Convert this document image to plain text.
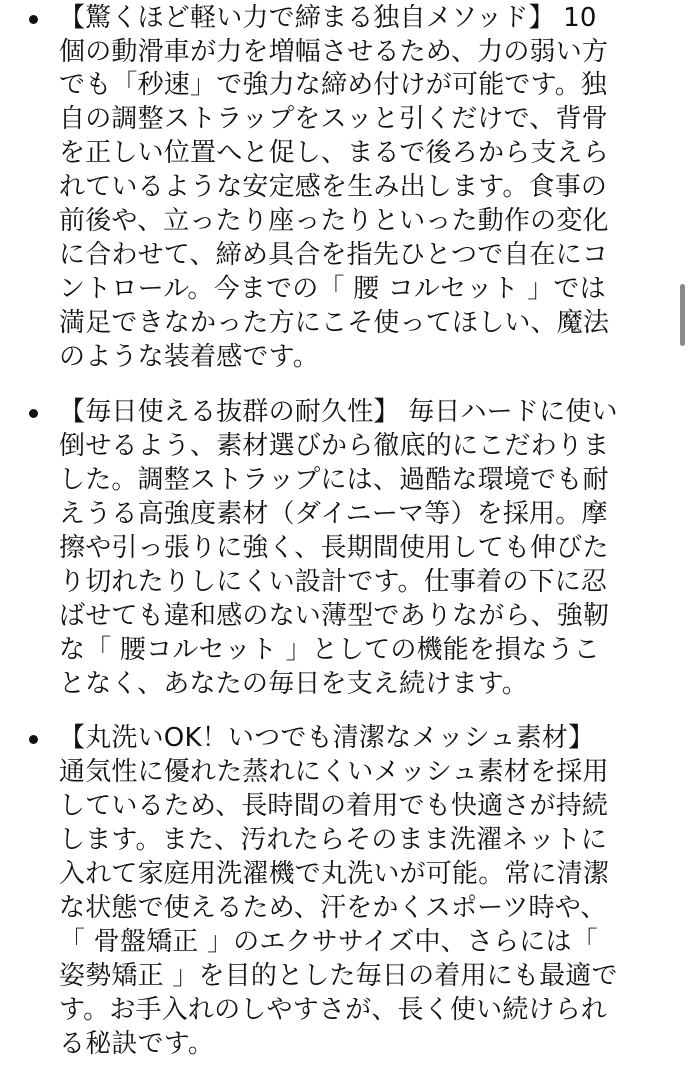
【驚くほど軽い力で締まる独自メソッド】 10
個の動滑車が力を増幅させるため、力の弱い方
でも「秒速」で強力な締め付けが可能です。独
自の調整ストラップをスッと引くだけで、背骨
を正しい位置へと促し、まるで後ろから支えら
れているような安定感を生み出します。食事の
前後や、立ったり座ったりといった動作の変化
に合わせて、締め具合を指先ひとつで自在にコ
ントロール。今までの「 腰 コルセット 」では
満足できなかった方にこそ使ってほしい、魔法
のような装着感です。
【毎日使える抜群の耐久性】 毎日ハードに使い
倒せるよう、素材選びから徹底的にこだわりま
した。調整ストラップには、過酷な環境でも耐
えうる高強度素材（ダイニーマ等）を採用。摩
擦や引っ張りに強く、長期間使用しても伸びた
り切れたりしにくい設計です。仕事着の下に忍
ばせても違和感のない薄型でありながら、強靭
な「 腰コルセット 」としての機能を損なうこ
となく、あなたの毎日を支え続けます。
【丸洗いOK！いつでも清潔なメッシュ素材】
通気性に優れた蒸れにくいメッシュ素材を採用
しているため、長時間の着用でも快適さが持続
します。また、汚れたらそのまま洗濯ネットに
入れて家庭用洗濯機で丸洗いが可能。常に清潔
な状態で使えるため、汗をかくスポーツ時や、
「 骨盤矯正 」のエクササイズ中、さらには「
姿勢矯正 」を目的とした毎日の着用にも最適で
す。お手入れのしやすさが、長く使い続けられ
る秘訣です。
